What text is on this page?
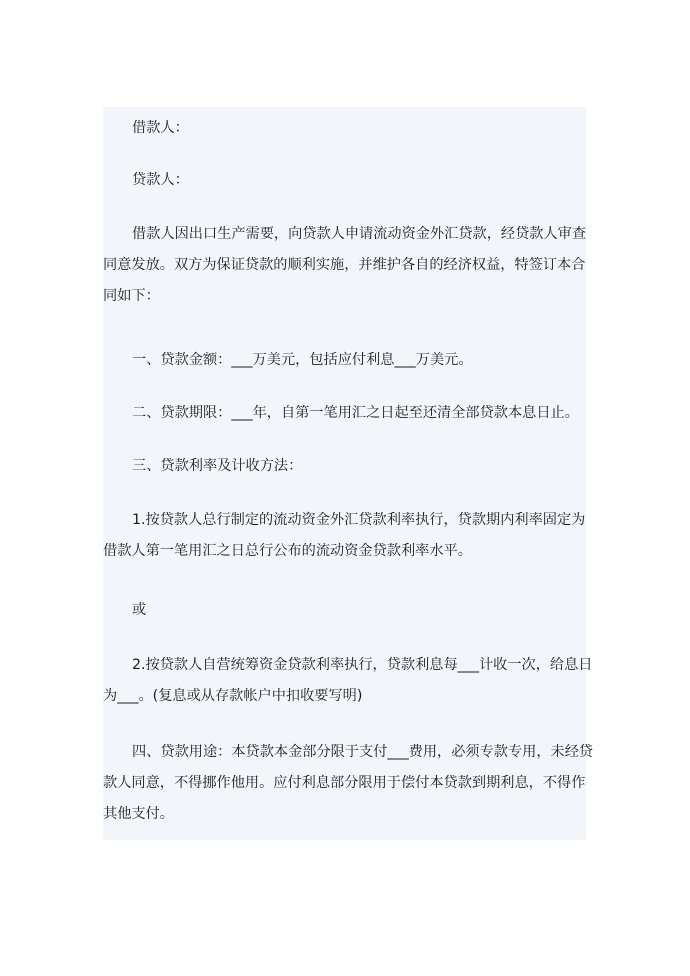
借款人：

贷款人：

借款人因出口生产需要，向贷款人申请流动资金外汇贷款，经贷款人审查
同意发放。双方为保证贷款的顺利实施，并维护各自的经济权益，特签订本合
同如下：

一、贷款金额：___万美元，包括应付利息___万美元。

二、贷款期限：___年，自第一笔用汇之日起至还清全部贷款本息日止。

三、贷款利率及计收方法：

1.按贷款人总行制定的流动资金外汇贷款利率执行，贷款期内利率固定为
借款人第一笔用汇之日总行公布的流动资金贷款利率水平。

或

2.按贷款人自营统筹资金贷款利率执行，贷款利息每___计收一次，给息日
为___。(复息或从存款帐户中扣收要写明)

四、贷款用途：本贷款本金部分限于支付___费用，必须专款专用，未经贷
款人同意，不得挪作他用。应付利息部分限用于偿付本贷款到期利息，不得作
其他支付。
